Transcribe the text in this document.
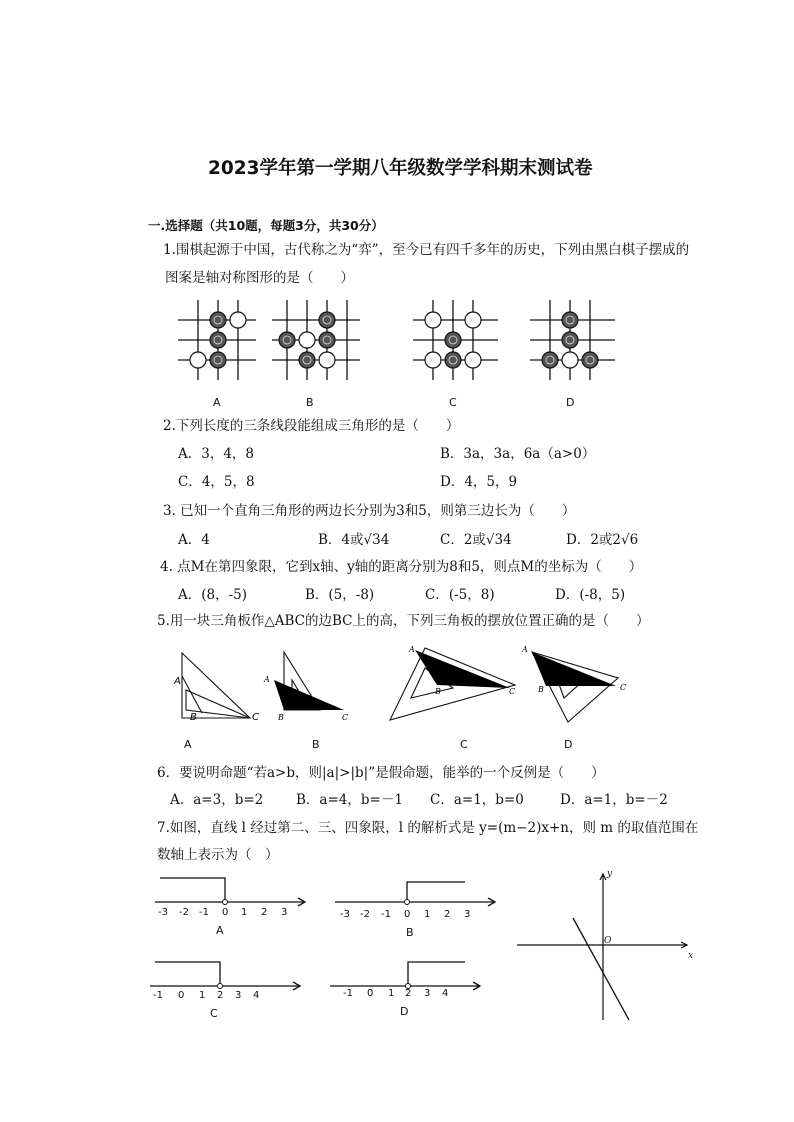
2023学年第一学期八年级数学学科期末测试卷
一.选择题（共10题，每题3分，共30分）
1.围棋起源于中国，古代称之为“弈”，至今已有四千多年的历史，下列由黑白棋子摆成的
图案是轴对称图形的是（　　）
A	B	C	D
2.下列长度的三条线段能组成三角形的是（　　）
A．3，4，8	B．3a，3a，6a（a>0）
C．4，5，8	D．4，5，9
3. 已知一个直角三角形的两边长分别为3和5，则第三边长为（　　）
A．4	B．4或√34	C．2或√34	D．2或2√6
4. 点M在第四象限，它到x轴、y轴的距离分别为8和5，则点M的坐标为（　　）
A．(8，-5)	B．(5，-8)	C．(-5，8)	D．(-8，5)
5.用一块三角板作△ABC的边BC上的高，下列三角板的摆放位置正确的是（　　）
A
B	C
A
A
B	C
B
A
B	C
C
A
B	C
D
6．要说明命题“若a>b，则|a|>|b|”是假命题，能举的一个反例是（　　）
A．a=3，b=2 B．a=4，b=－1 C．a=1，b=0	D．a=1，b=－2
7.如图，直线 l 经过第二、三、四象限，l 的解析式是 y=(m−2)x+n，则 m 的取值范围在
数轴上表示为（　）
-3 -2 -1 0 1 2 3
A
-3 -2 -1 0 1 2 3
B
-1 0 1 2 3 4
C
-1 0 1 2 3 4
D
y
x
O
